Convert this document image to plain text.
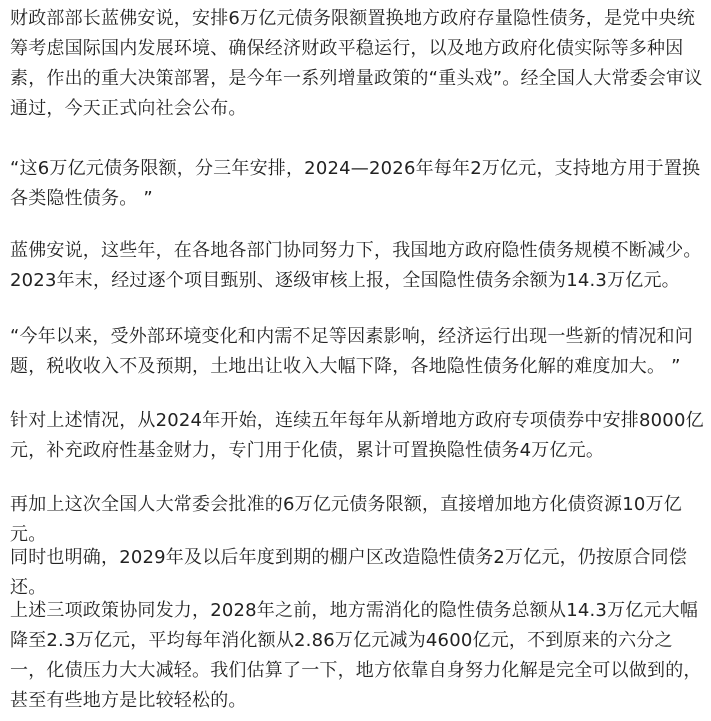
财政部部长蓝佛安说，安排6万亿元债务限额置换地方政府存量隐性债务，是党中央统筹考虑国际国内发展环境、确保经济财政平稳运行，以及地方政府化债实际等多种因素，作出的重大决策部署，是今年一系列增量政策的“重头戏”。经全国人大常委会审议通过，今天正式向社会公布。

“这6万亿元债务限额，分三年安排，2024—2026年每年2万亿元，支持地方用于置换各类隐性债务。 ”

蓝佛安说，这些年，在各地各部门协同努力下，我国地方政府隐性债务规模不断减少。2023年末，经过逐个项目甄别、逐级审核上报，全国隐性债务余额为14.3万亿元。

“今年以来，受外部环境变化和内需不足等因素影响，经济运行出现一些新的情况和问题，税收收入不及预期，土地出让收入大幅下降，各地隐性债务化解的难度加大。 ”

针对上述情况，从2024年开始，连续五年每年从新增地方政府专项债券中安排8000亿元，补充政府性基金财力，专门用于化债，累计可置换隐性债务4万亿元。

再加上这次全国人大常委会批准的6万亿元债务限额，直接增加地方化债资源10万亿元。

同时也明确，2029年及以后年度到期的棚户区改造隐性债务2万亿元，仍按原合同偿还。

上述三项政策协同发力，2028年之前，地方需消化的隐性债务总额从14.3万亿元大幅降至2.3万亿元，平均每年消化额从2.86万亿元减为4600亿元，不到原来的六分之一，化债压力大大减轻。我们估算了一下，地方依靠自身努力化解是完全可以做到的，甚至有些地方是比较轻松的。
